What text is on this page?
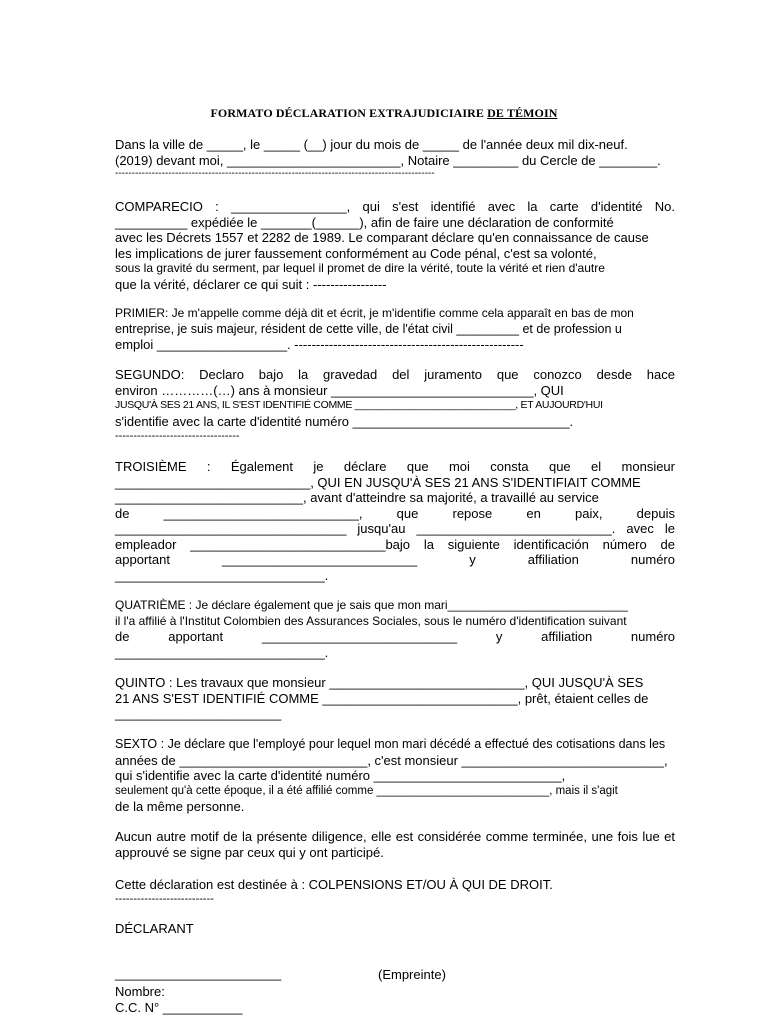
FORMATO DÉCLARATION EXTRAJUDICIAIRE DE TÉMOIN
Dans la ville de _____, le _____ (__) jour du mois de _____ de l'année deux mil dix-neuf.
(2019) devant moi, ________________________, Notaire _________ du Cercle de ________.
------------------------------------------------------------------------------------------------
COMPARECIO : ________________, qui s'est identifié avec la carte d'identité No.
__________ expédiée le _______(______), afin de faire une déclaration de conformité
avec les Décrets 1557 et 2282 de 1989. Le comparant déclare qu'en connaissance de cause
les implications de jurer faussement conformément au Code pénal, c'est sa volonté,
sous la gravité du serment, par lequel il promet de dire la vérité, toute la vérité et rien d'autre
que la vérité, déclarer ce qui suit : -----------------
PRIMIER: Je m'appelle comme déjà dit et écrit, je m'identifie comme cela apparaît en bas de mon
entreprise, je suis majeur, résident de cette ville, de l'état civil _________ et de profession u
emploi __________________. -----------------------------------------------------
SEGUNDO: Declaro bajo la gravedad del juramento que conozco desde hace
environ …………(…) ans à monsieur ____________________________, QUI
JUSQU'À SES 21 ANS, IL S'EST IDENTIFIÉ COMME _____________________________, ET AUJOURD'HUI
s'identifie avec la carte d'identité numéro ______________________________.
----------------------------------
TROISIÈME : Également je déclare que moi consta que el monsieur
___________________________, QUI EN JUSQU'À SES 21 ANS S'IDENTIFIAIT COMME
__________________________, avant d'atteindre sa majorité, a travaillé au service
de ___________________________, que repose en paix, depuis
________________________________ jusqu'au ___________________________. avec le
empleador ___________________________bajo la siguiente identificación número de
apportant ___________________________ y affiliation numéro
_____________________________.
QUATRIÈME : Je déclare également que je sais que mon mari___________________________
il l'a affilié à l'Institut Colombien des Assurances Sociales, sous le numéro d'identification suivant
de apportant ___________________________ y affiliation numéro
_____________________________.
QUINTO : Les travaux que monsieur ___________________________, QUI JUSQU'À SES
21 ANS S'EST IDENTIFIÉ COMME ___________________________, prêt, étaient celles de
_______________________
SEXTO : Je déclare que l'employé pour lequel mon mari décédé a effectué des cotisations dans les
années de __________________________, c'est monsieur ____________________________,
qui s'identifie avec la carte d'identité numéro __________________________,
seulement qu'à cette époque, il a été affilié comme ___________________________, mais il s'agit
de la même personne.
Aucun autre motif de la présente diligence, elle est considérée comme terminée, une fois lue et
approuvé se signe par ceux qui y ont participé.
Cette déclaration est destinée à : COLPENSIONS ET/OU À QUI DE DROIT.
---------------------------
DÉCLARANT
_______________________	(Empreinte)
Nombre:
C.C. N° ___________
